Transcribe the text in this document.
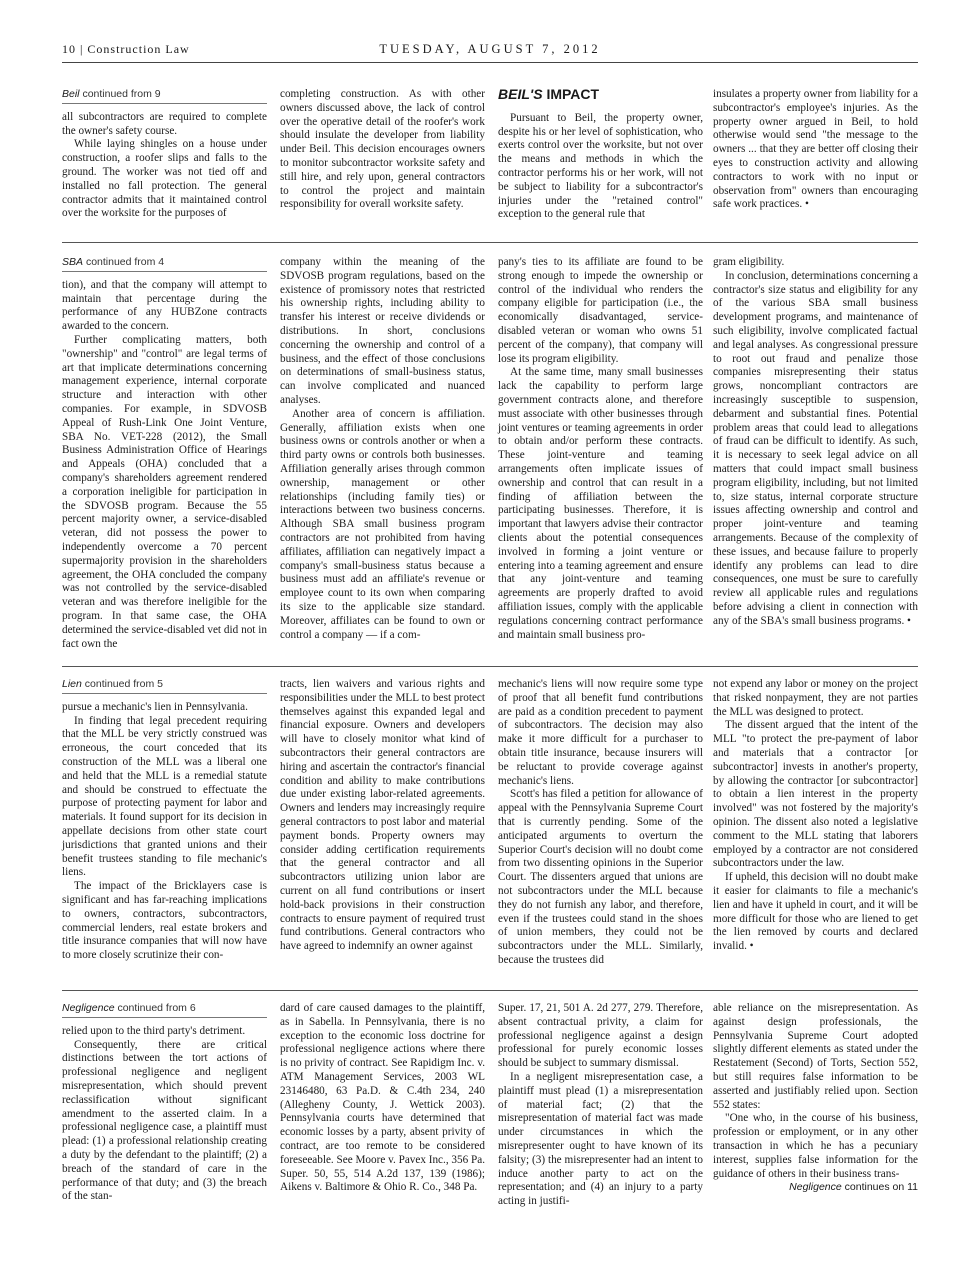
10 | Construction Law	TUESDAY, AUGUST 7, 2012
Beil continued from 9

all subcontractors are required to complete the owner's safety course.

While laying shingles on a house under construction, a roofer slips and falls to the ground. The worker was not tied off and installed no fall protection. The general contractor admits that it maintained control over the worksite for the purposes of

completing construction. As with other owners discussed above, the lack of control over the operative detail of the roofer's work should insulate the developer from liability under Beil. This decision encourages owners to monitor subcontractor worksite safety and still hire, and rely upon, general contractors to control the project and maintain responsibility for overall worksite safety.

BEIL'S IMPACT

Pursuant to Beil, the property owner, despite his or her level of sophistication, who exerts control over the worksite, but not over the means and methods in which the contractor performs his or her work, will not be subject to liability for a subcontractor's injuries under the "retained control" exception to the general rule that

insulates a property owner from liability for a subcontractor's employee's injuries. As the property owner argued in Beil, to hold otherwise would send "the message to the owners ... that they are better off closing their eyes to construction activity and allowing contractors to work with no input or observation from" owners than encouraging safe work practices. •

SBA continued from 4

tion), and that the company will attempt to maintain that percentage during the performance of any HUBZone contracts awarded to the concern.

Further complicating matters, both "ownership" and "control" are legal terms of art that implicate determinations concerning management experience, internal corporate structure and interaction with other companies. For example, in SDVOSB Appeal of Rush-Link One Joint Venture, SBA No. VET-228 (2012), the Small Business Administration Office of Hearings and Appeals (OHA) concluded that a company's shareholders agreement rendered a corporation ineligible for participation in the SDVOSB program. Because the 55 percent majority owner, a service-disabled veteran, did not possess the power to independently overcome a 70 percent supermajority provision in the shareholders agreement, the OHA concluded the company was not controlled by the service-disabled veteran and was therefore ineligible for the program. In that same case, the OHA determined the service-disabled vet did not in fact own the

company within the meaning of the SDVOSB program regulations, based on the existence of promissory notes that restricted his ownership rights, including ability to transfer his interest or receive dividends or distributions. In short, conclusions concerning the ownership and control of a business, and the effect of those conclusions on determinations of small-business status, can involve complicated and nuanced analyses.

Another area of concern is affiliation. Generally, affiliation exists when one business owns or controls another or when a third party owns or controls both businesses. Affiliation generally arises through common ownership, management or other relationships (including family ties) or interactions between two business concerns. Although SBA small business program contractors are not prohibited from having affiliates, affiliation can negatively impact a company's small-business status because a business must add an affiliate's revenue or employee count to its own when comparing its size to the applicable size standard. Moreover, affiliates can be found to own or control a company — if a com-

pany's ties to its affiliate are found to be strong enough to impede the ownership or control of the individual who renders the company eligible for participation (i.e., the economically disadvantaged, service-disabled veteran or woman who owns 51 percent of the company), that company will lose its program eligibility.

At the same time, many small businesses lack the capability to perform large government contracts alone, and therefore must associate with other businesses through joint ventures or teaming agreements in order to obtain and/or perform these contracts. These joint-venture and teaming arrangements often implicate issues of ownership and control that can result in a finding of affiliation between the participating businesses. Therefore, it is important that lawyers advise their contractor clients about the potential consequences involved in forming a joint venture or entering into a teaming agreement and ensure that any joint-venture and teaming agreements are properly drafted to avoid affiliation issues, comply with the applicable regulations concerning contract performance and maintain small business pro-

gram eligibility.

In conclusion, determinations concerning a contractor's size status and eligibility for any of the various SBA small business development programs, and maintenance of such eligibility, involve complicated factual and legal analyses. As congressional pressure to root out fraud and penalize those companies misrepresenting their status grows, noncompliant contractors are increasingly susceptible to suspension, debarment and substantial fines. Potential problem areas that could lead to allegations of fraud can be difficult to identify. As such, it is necessary to seek legal advice on all matters that could impact small business program eligibility, including, but not limited to, size status, internal corporate structure issues affecting ownership and control and proper joint-venture and teaming arrangements. Because of the complexity of these issues, and because failure to properly identify any problems can lead to dire consequences, one must be sure to carefully review all applicable rules and regulations before advising a client in connection with any of the SBA's small business programs. •

Lien continued from 5

pursue a mechanic's lien in Pennsylvania.

In finding that legal precedent requiring that the MLL be very strictly construed was erroneous, the court conceded that its construction of the MLL was a liberal one and held that the MLL is a remedial statute and should be construed to effectuate the purpose of protecting payment for labor and materials. It found support for its decision in appellate decisions from other state court jurisdictions that granted unions and their benefit trustees standing to file mechanic's liens.

The impact of the Bricklayers case is significant and has far-reaching implications to owners, contractors, subcontractors, commercial lenders, real estate brokers and title insurance companies that will now have to more closely scrutinize their con-

tracts, lien waivers and various rights and responsibilities under the MLL to best protect themselves against this expanded legal and financial exposure. Owners and developers will have to closely monitor what kind of subcontractors their general contractors are hiring and ascertain the contractor's financial condition and ability to make contributions due under existing labor-related agreements. Owners and lenders may increasingly require general contractors to post labor and material payment bonds. Property owners may consider adding certification requirements that the general contractor and all subcontractors utilizing union labor are current on all fund contributions or insert hold-back provisions in their construction contracts to ensure payment of required trust fund contributions. General contractors who have agreed to indemnify an owner against

mechanic's liens will now require some type of proof that all benefit fund contributions are paid as a condition precedent to payment of subcontractors. The decision may also make it more difficult for a purchaser to obtain title insurance, because insurers will be reluctant to provide coverage against mechanic's liens.

Scott's has filed a petition for allowance of appeal with the Pennsylvania Supreme Court that is currently pending. Some of the anticipated arguments to overturn the Superior Court's decision will no doubt come from two dissenting opinions in the Superior Court. The dissenters argued that unions are not subcontractors under the MLL because they do not furnish any labor, and therefore, even if the trustees could stand in the shoes of union members, they could not be subcontractors under the MLL. Similarly, because the trustees did

not expend any labor or money on the project that risked nonpayment, they are not parties the MLL was designed to protect.

The dissent argued that the intent of the MLL "to protect the pre-payment of labor and materials that a contractor [or subcontractor] invests in another's property, by allowing the contractor [or subcontractor] to obtain a lien interest in the property involved" was not fostered by the majority's opinion. The dissent also noted a legislative comment to the MLL stating that laborers employed by a contractor are not considered subcontractors under the law.

If upheld, this decision will no doubt make it easier for claimants to file a mechanic's lien and have it upheld in court, and it will be more difficult for those who are liened to get the lien removed by courts and declared invalid. •

Negligence continued from 6

relied upon to the third party's detriment.

Consequently, there are critical distinctions between the tort actions of professional negligence and negligent misrepresentation, which should prevent reclassification without significant amendment to the asserted claim. In a professional negligence case, a plaintiff must plead: (1) a professional relationship creating a duty by the defendant to the plaintiff; (2) a breach of the standard of care in the performance of that duty; and (3) the breach of the stan-

dard of care caused damages to the plaintiff, as in Sabella. In Pennsylvania, there is no exception to the economic loss doctrine for professional negligence actions where there is no privity of contract. See Rapidigm Inc. v. ATM Management Services, 2003 WL 23146480, 63 Pa.D. & C.4th 234, 240 (Allegheny County, J. Wettick 2003). Pennsylvania courts have determined that economic losses by a party, absent privity of contract, are too remote to be considered foreseeable. See Moore v. Pavex Inc., 356 Pa. Super. 50, 55, 514 A.2d 137, 139 (1986); Aikens v. Baltimore & Ohio R. Co., 348 Pa.

Super. 17, 21, 501 A. 2d 277, 279. Therefore, absent contractual privity, a claim for professional negligence against a design professional for purely economic losses should be subject to summary dismissal.

In a negligent misrepresentation case, a plaintiff must plead (1) a misrepresentation of material fact; (2) that the misrepresentation of material fact was made under circumstances in which the misrepresenter ought to have known of its falsity; (3) the misrepresenter had an intent to induce another party to act on the representation; and (4) an injury to a party acting in justifi-

able reliance on the misrepresentation. As against design professionals, the Pennsylvania Supreme Court adopted slightly different elements as stated under the Restatement (Second) of Torts, Section 552, but still requires false information to be asserted and justifiably relied upon. Section 552 states:

"One who, in the course of his business, profession or employment, or in any other transaction in which he has a pecuniary interest, supplies false information for the guidance of others in their business trans-

Negligence continues on 11
